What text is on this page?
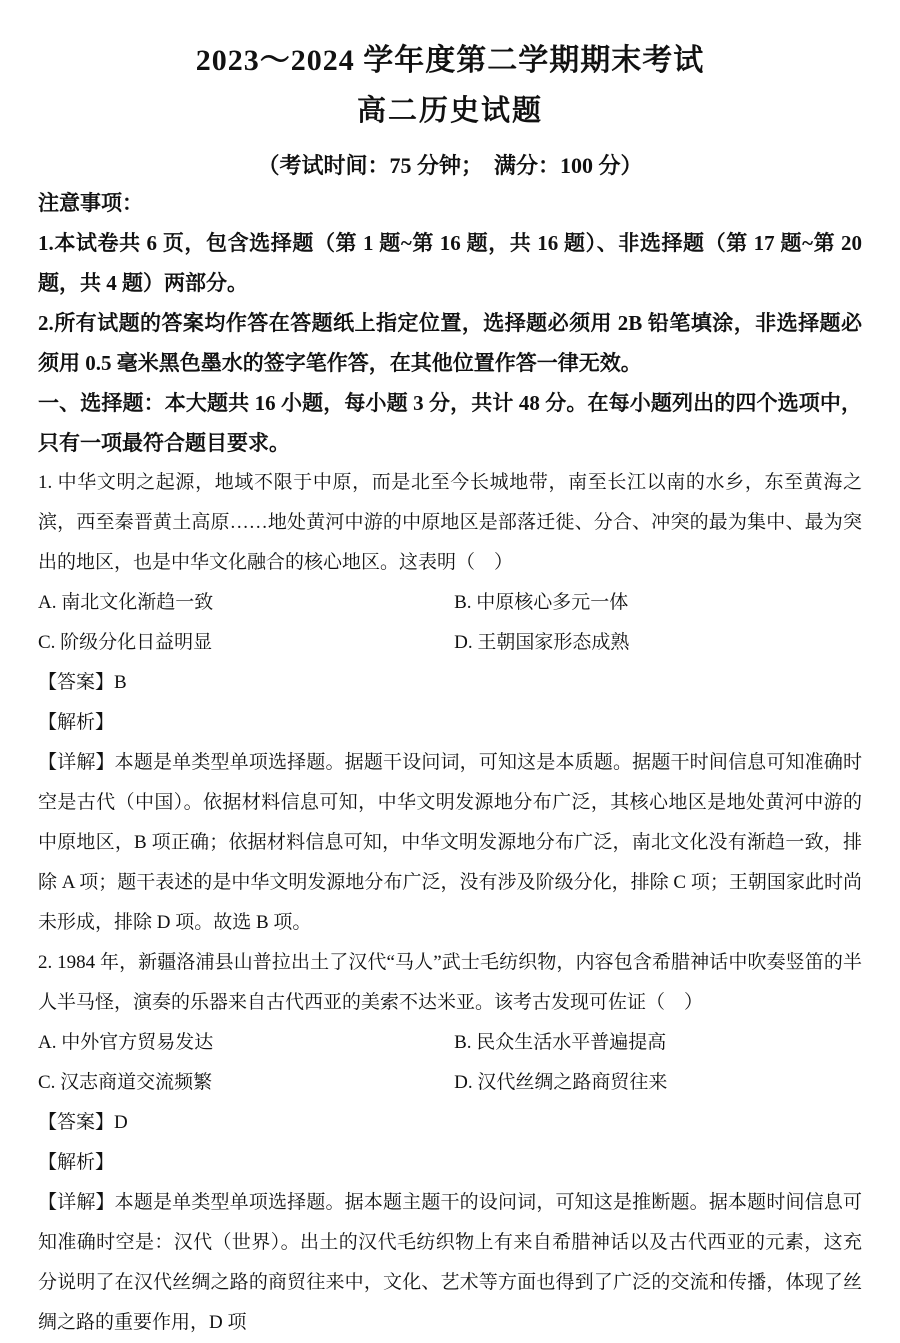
2023～2024 学年度第二学期期末考试
高二历史试题

（考试时间：75 分钟；　满分：100 分）

注意事项：

1.本试卷共 6 页，包含选择题（第 1 题~第 16 题，共 16 题）、非选择题（第 17 题~第 20 题，共 4 题）两部分。

2.所有试题的答案均作答在答题纸上指定位置，选择题必须用 2B 铅笔填涂，非选择题必须用 0.5 毫米黑色墨水的签字笔作答，在其他位置作答一律无效。

一、选择题：本大题共 16 小题，每小题 3 分，共计 48 分。在每小题列出的四个选项中，只有一项最符合题目要求。

1. 中华文明之起源，地域不限于中原，而是北至今长城地带，南至长江以南的水乡，东至黄海之滨，西至秦晋黄土高原……地处黄河中游的中原地区是部落迁徙、分合、冲突的最为集中、最为突出的地区，也是中华文化融合的核心地区。这表明（　）

A. 南北文化渐趋一致	B. 中原核心多元一体
C. 阶级分化日益明显	D. 王朝国家形态成熟

【答案】B

【解析】

【详解】本题是单类型单项选择题。据题干设问词，可知这是本质题。据题干时间信息可知准确时空是古代（中国）。依据材料信息可知，中华文明发源地分布广泛，其核心地区是地处黄河中游的中原地区，B 项正确；依据材料信息可知，中华文明发源地分布广泛，南北文化没有渐趋一致，排除 A 项；题干表述的是中华文明发源地分布广泛，没有涉及阶级分化，排除 C 项；王朝国家此时尚未形成，排除 D 项。故选 B 项。

2. 1984 年，新疆洛浦县山普拉出土了汉代“马人”武士毛纺织物，内容包含希腊神话中吹奏竖笛的半人半马怪，演奏的乐器来自古代西亚的美索不达米亚。该考古发现可佐证（　）

A. 中外官方贸易发达	B. 民众生活水平普遍提高
C. 汉志商道交流频繁	D. 汉代丝绸之路商贸往来

【答案】D

【解析】

【详解】本题是单类型单项选择题。据本题主题干的设问词，可知这是推断题。据本题时间信息可知准确时空是：汉代（世界）。出土的汉代毛纺织物上有来自希腊神话以及古代西亚的元素，这充分说明了在汉代丝绸之路的商贸往来中，文化、艺术等方面也得到了广泛的交流和传播，体现了丝绸之路的重要作用，D 项
